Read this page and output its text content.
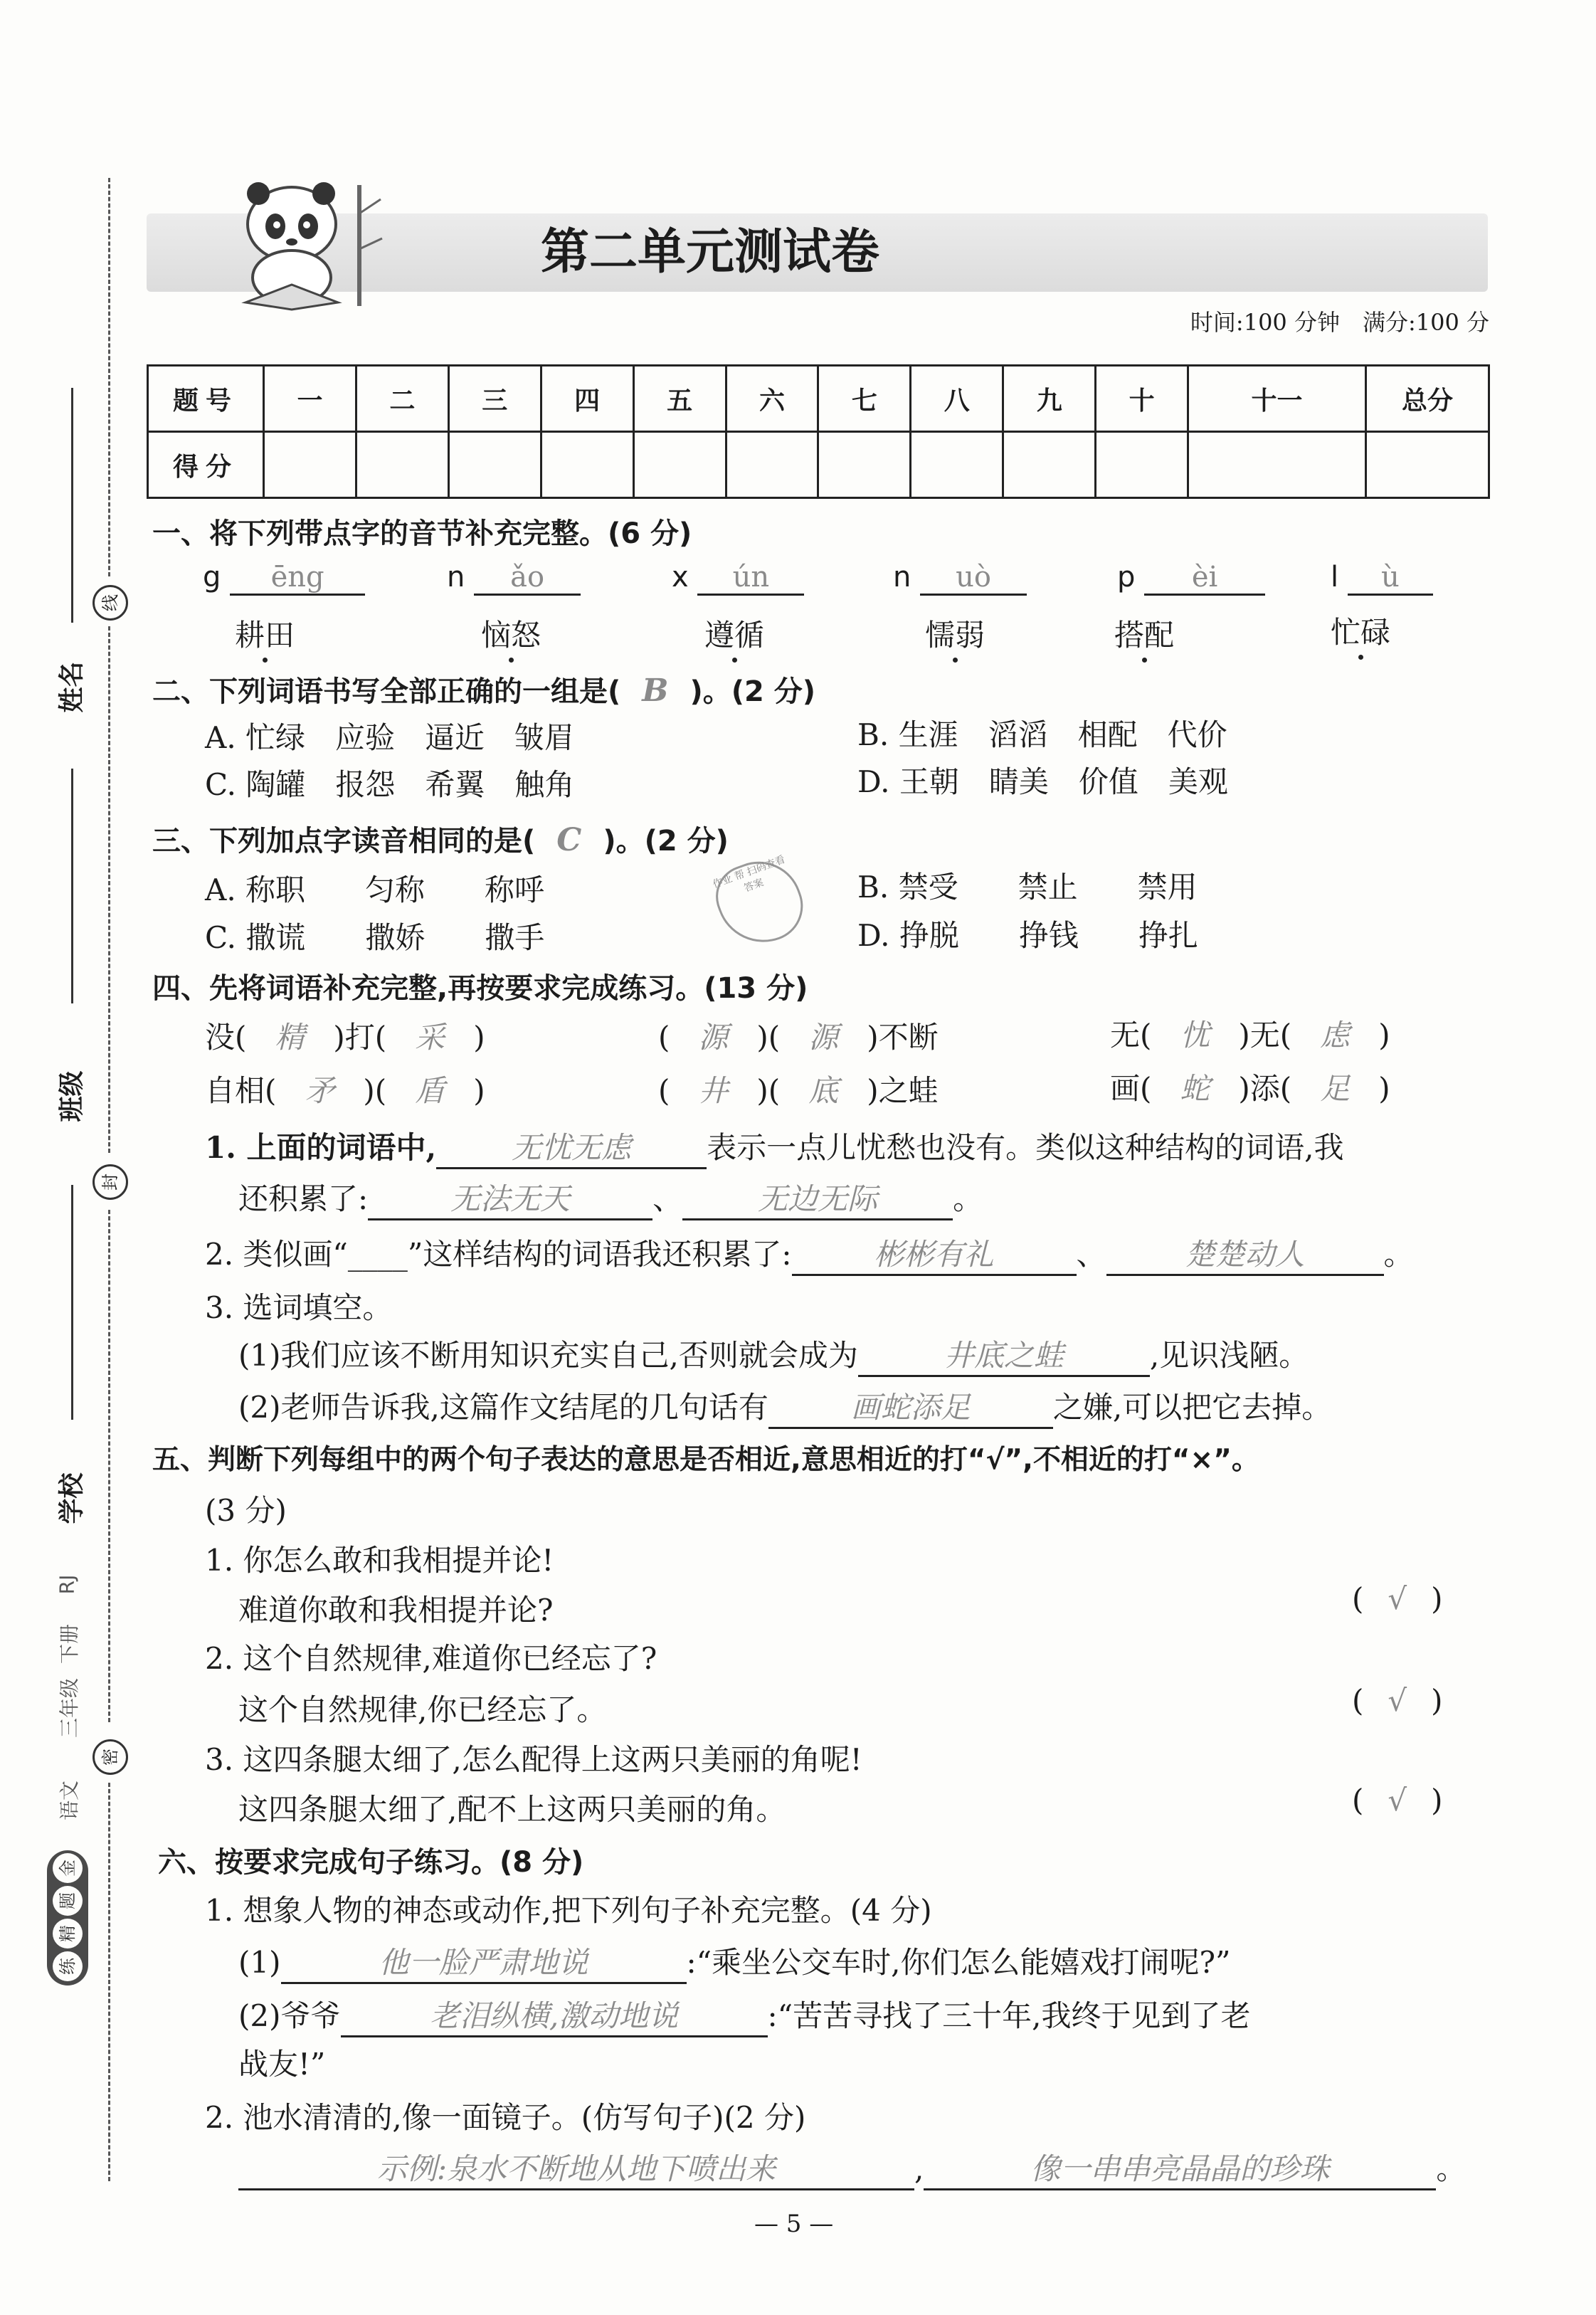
线
封
密
姓名
班级
学校
RJ
下册
三年级
语文
金
题
精
练
第二单元测试卷
时间:100 分钟　满分:100 分
题号	一	二	三	四	五	六	七	八	九	十	十一	总分
得分												
一、将下列带点字的音节补充完整。(6 分)
g ēng
耕田
n ǎo
恼怒
x ún
遵循
n uò
懦弱
p èi
搭配
l ù
忙碌
二、下列词语书写全部正确的一组是( B )。(2 分)
A. 忙绿　应验　逼近　皱眉	B. 生涯　滔滔　相配　代价
C. 陶罐　报怨　希翼　触角	D. 王朝　睛美　价值　美观
三、下列加点字读音相同的是( C )。(2 分)
A. 称职　　匀称　　称呼	B. 禁受　　禁止　　禁用
C. 撒谎　　撒娇　　撒手	D. 挣脱　　挣钱　　挣扎
作业 帮 扫码查看答案
四、先将词语补充完整,再按要求完成练习。(13 分)
没( 精 )打( 采 )	( 源 )( 源 )不断	无( 忧 )无( 虑 )
自相( 矛 )( 盾 )	( 井 )( 底 )之蛙	画( 蛇 )添( 足 )
1. 上面的词语中,	无忧无虑	表示一点儿忧愁也没有。类似这种结构的词语,我
还积累了:	无法无天	、	无边无际	。
2. 类似画“____”这样结构的词语我还积累了:	彬彬有礼	、	楚楚动人	。
3. 选词填空。
(1)我们应该不断用知识充实自己,否则就会成为	井底之蛙	,见识浅陋。
(2)老师告诉我,这篇作文结尾的几句话有	画蛇添足	之嫌,可以把它去掉。
五、判断下列每组中的两个句子表达的意思是否相近,意思相近的打“√”,不相近的打“×”。
(3 分)
1. 你怎么敢和我相提并论!
难道你敢和我相提并论?	( √ )
2. 这个自然规律,难道你已经忘了?
这个自然规律,你已经忘了。	( √ )
3. 这四条腿太细了,怎么配得上这两只美丽的角呢!
这四条腿太细了,配不上这两只美丽的角。	( √ )
六、按要求完成句子练习。(8 分)
1. 想象人物的神态或动作,把下列句子补充完整。(4 分)
(1)	他一脸严肃地说	:“乘坐公交车时,你们怎么能嬉戏打闹呢?”
(2)爷爷	老泪纵横,激动地说	:“苦苦寻找了三十年,我终于见到了老
战友!”
2. 池水清清的,像一面镜子。(仿写句子)(2 分)
示例:泉水不断地从地下喷出来	,	像一串串亮晶晶的珍珠	。
— 5 —
